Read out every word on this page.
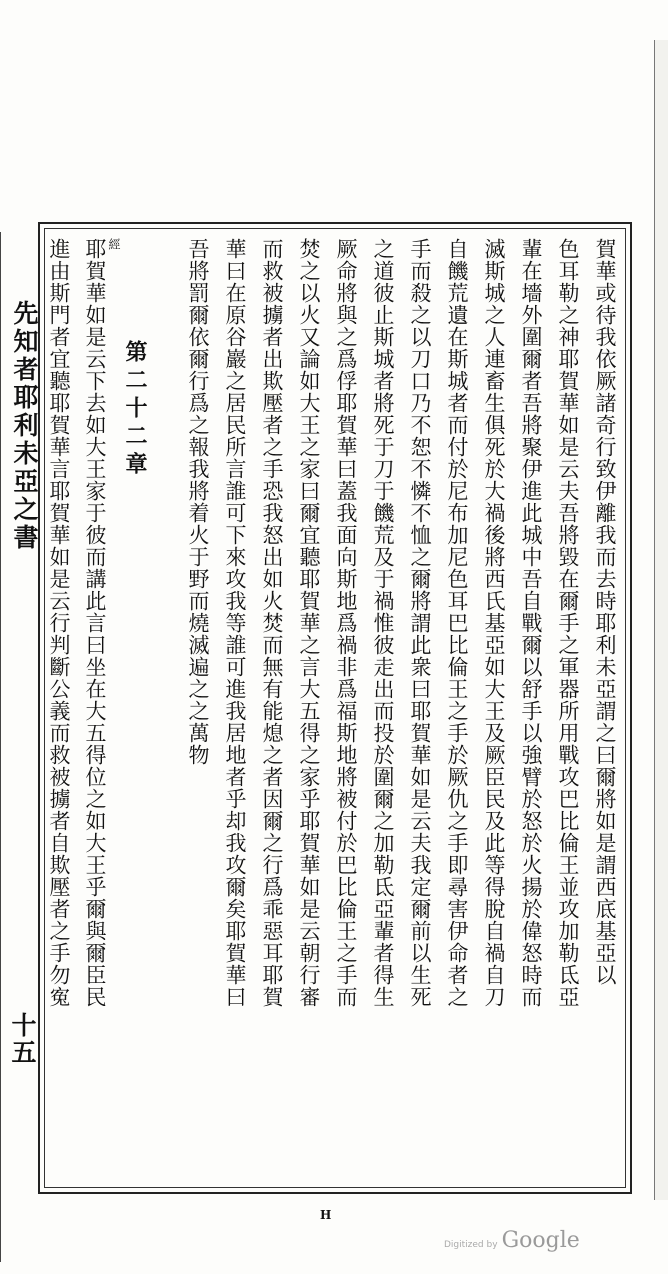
先知者耶利未亞之書
十五
賀華或待我依厥諸奇行致伊離我而去時耶利未亞謂之曰爾將如是謂西底基亞以
色耳勒之神耶賀華如是云夫吾將毀在爾手之軍器所用戰攻巴比倫王並攻加勒氐亞
輩在墻外圍爾者吾將聚伊進此城中吾自戰爾以舒手以強臂於怒於火揚於偉怒時而
滅斯城之人連畜生俱死於大禍後將西氏基亞如大王及厥臣民及此等得脫自禍自刀
自饑荒遺在斯城者而付於尼布加尼色耳巴比倫王之手於厥仇之手即尋害伊命者之
手而殺之以刀口乃不恕不憐不恤之爾將謂此衆曰耶賀華如是云夫我定爾前以生死
之道彼止斯城者將死于刀于饑荒及于禍惟彼走出而投於圍爾之加勒氐亞輩者得生
厥命將與之爲俘耶賀華曰蓋我面向斯地爲禍非爲福斯地將被付於巴比倫王之手而
焚之以火又論如大王之家曰爾宜聽耶賀華之言大五得之家乎耶賀華如是云朝行審
而救被擄者出欺壓者之手恐我怒出如火焚而無有能熄之者因爾之行爲乖惡耳耶賀
華曰在原谷巖之居民所言誰可下來攻我等誰可進我居地者乎却我攻爾矣耶賀華曰
吾將罰爾依爾行爲之報我將着火于野而燒滅遍之之萬物
經
第二十二章
耶賀華如是云下去如大王家于彼而講此言曰坐在大五得位之如大王乎爾與爾臣民
進由斯門者宜聽耶賀華言耶賀華如是云行判斷公義而救被擄者自欺壓者之手勿寃
H
Digitized by Google
